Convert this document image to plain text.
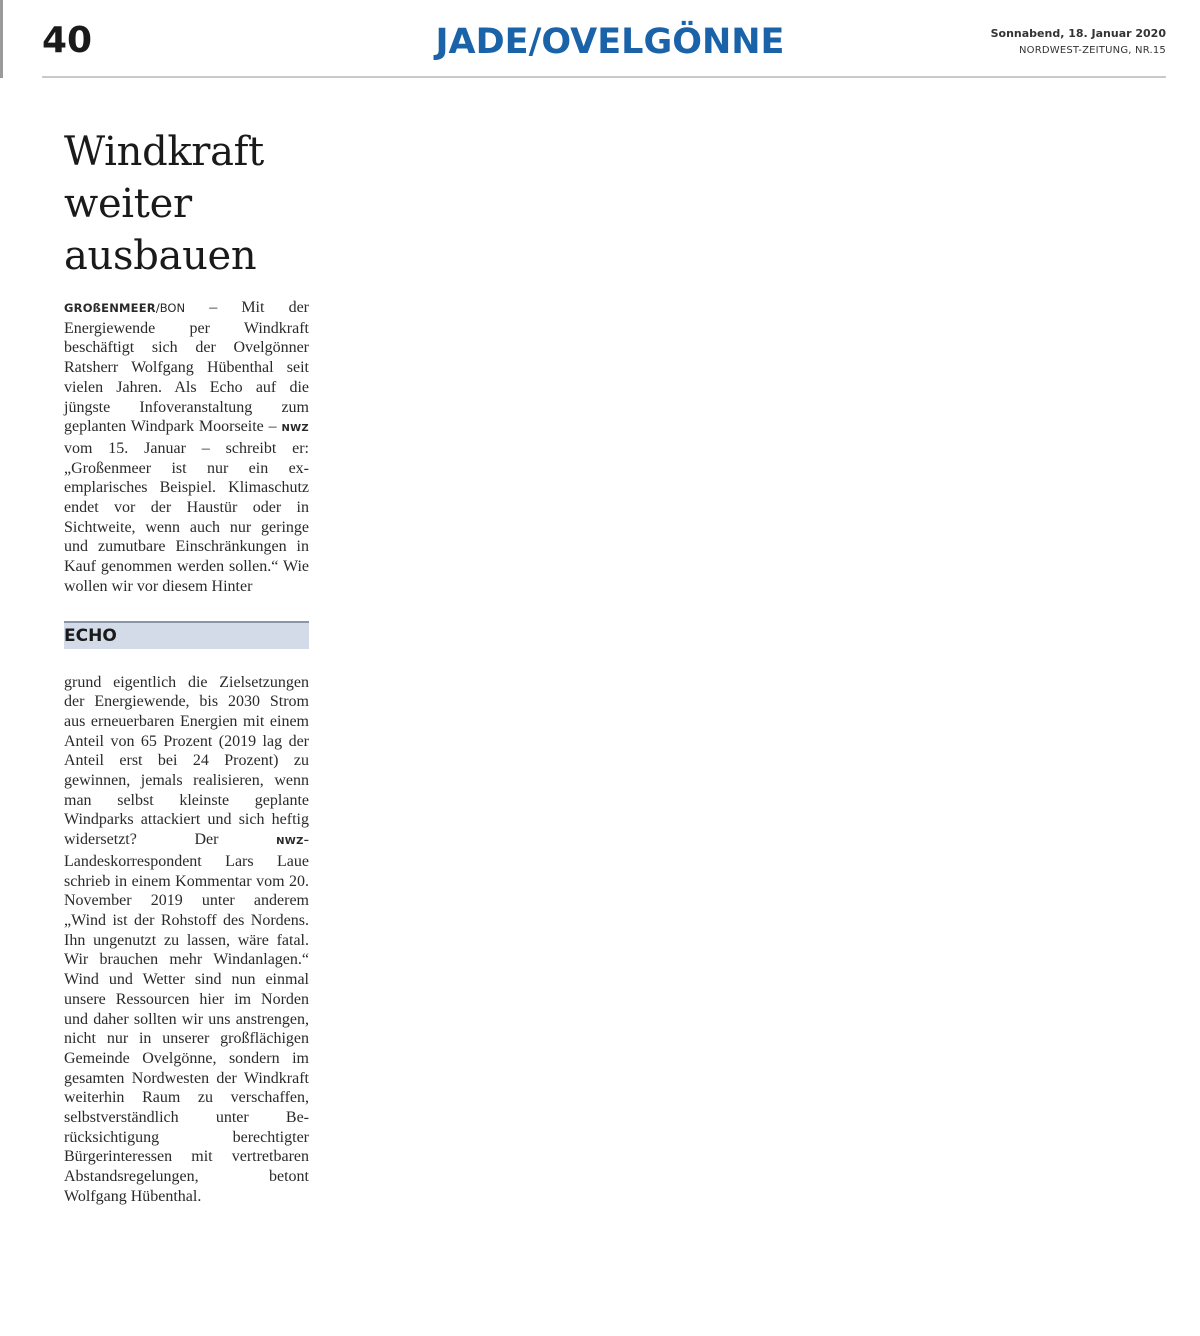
40	JADE/OVELGÖNNE	Sonnabend, 18. Januar 2020
NORDWEST-ZEITUNG, NR.15
Windkraft weiter ausbauen

GROßENMEER/BON – Mit der Energiewende per Windkraft beschäftigt sich der Ovelgönner Ratsherr Wolfgang Hübenthal seit vielen Jahren. Als Echo auf die jüngste Infoveranstaltung zum geplanten Windpark Moorseite – NWZ vom 15. Januar – schreibt er: „Großenmeer ist nur ein exemplarisches Beispiel. Klimaschutz endet vor der Haustür oder in Sichtweite, wenn auch nur geringe und zumutbare Einschränkungen in Kauf genommen werden sollen.“ Wie wollen wir vor diesem Hinter

ECHO

grund eigentlich die Zielsetzungen der Energiewende, bis 2030 Strom aus erneuerbaren Energien mit einem Anteil von 65 Prozent (2019 lag der Anteil erst bei 24 Prozent) zu gewinnen, jemals realisieren, wenn man selbst kleinste geplante Windparks attackiert und sich heftig widersetzt? Der NWZ-Landeskorrespondent Lars Laue schrieb in einem Kommentar vom 20. November 2019 unter anderem „Wind ist der Rohstoff des Nordens. Ihn ungenutzt zu lassen, wäre fatal. Wir brauchen mehr Windanlagen.“ Wind und Wetter sind nun einmal unsere Ressourcen hier im Norden und daher sollten wir uns anstrengen, nicht nur in unserer großflächigen Gemeinde Ovelgönne, sondern im gesamten Nordwesten der Windkraft weiterhin Raum zu verschaffen, selbstverständlich unter Berücksichtigung berechtigter Bürgerinteressen mit vertretbaren Abstandsregelungen, betont Wolfgang Hübenthal.
